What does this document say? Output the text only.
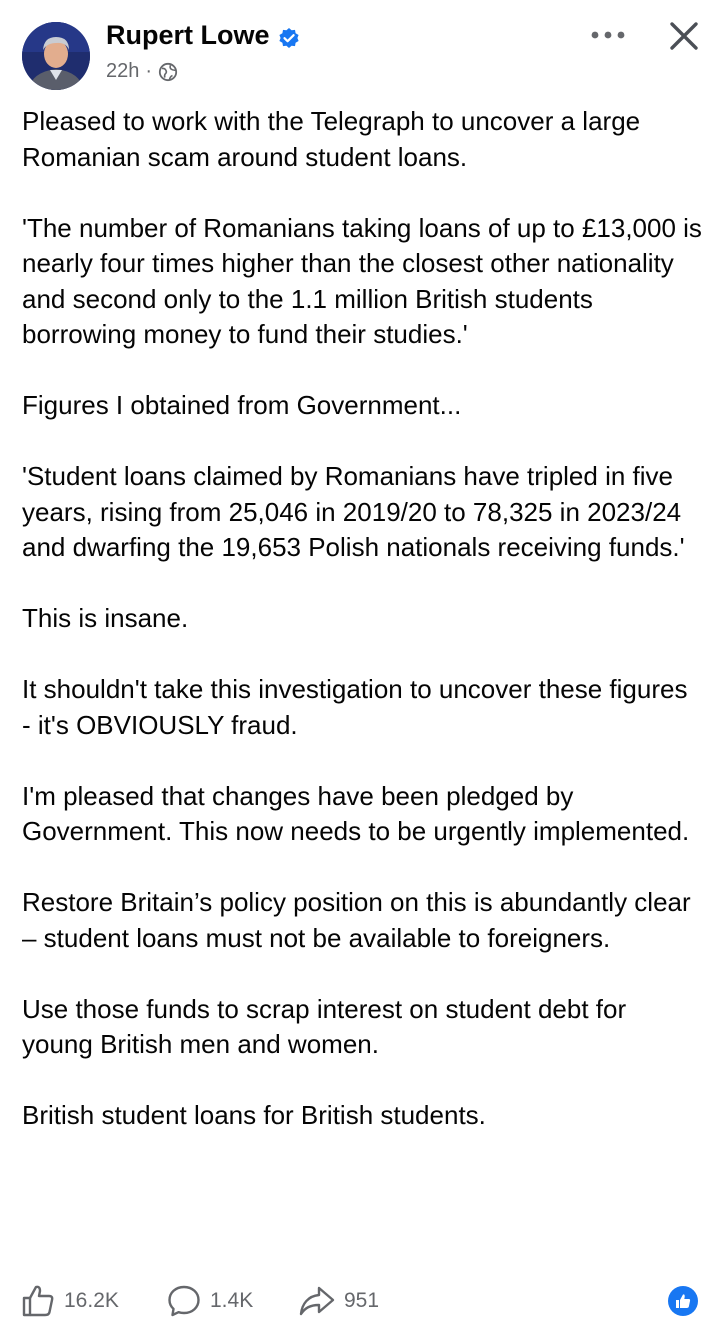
Rupert Lowe
22h ·

Pleased to work with the Telegraph to uncover a large Romanian scam around student loans.

'The number of Romanians taking loans of up to £13,000 is nearly four times higher than the closest other nationality and second only to the 1.1 million British students borrowing money to fund their studies.'

Figures I obtained from Government...

'Student loans claimed by Romanians have tripled in five years, rising from 25,046 in 2019/20 to 78,325 in 2023/24 and dwarfing the 19,653 Polish nationals receiving funds.'

This is insane.

It shouldn't take this investigation to uncover these figures - it's OBVIOUSLY fraud.

I'm pleased that changes have been pledged by Government. This now needs to be urgently implemented.

Restore Britain’s policy position on this is abundantly clear – student loans must not be available to foreigners.

Use those funds to scrap interest on student debt for young British men and women.

British student loans for British students.

16.2K	1.4K	951
